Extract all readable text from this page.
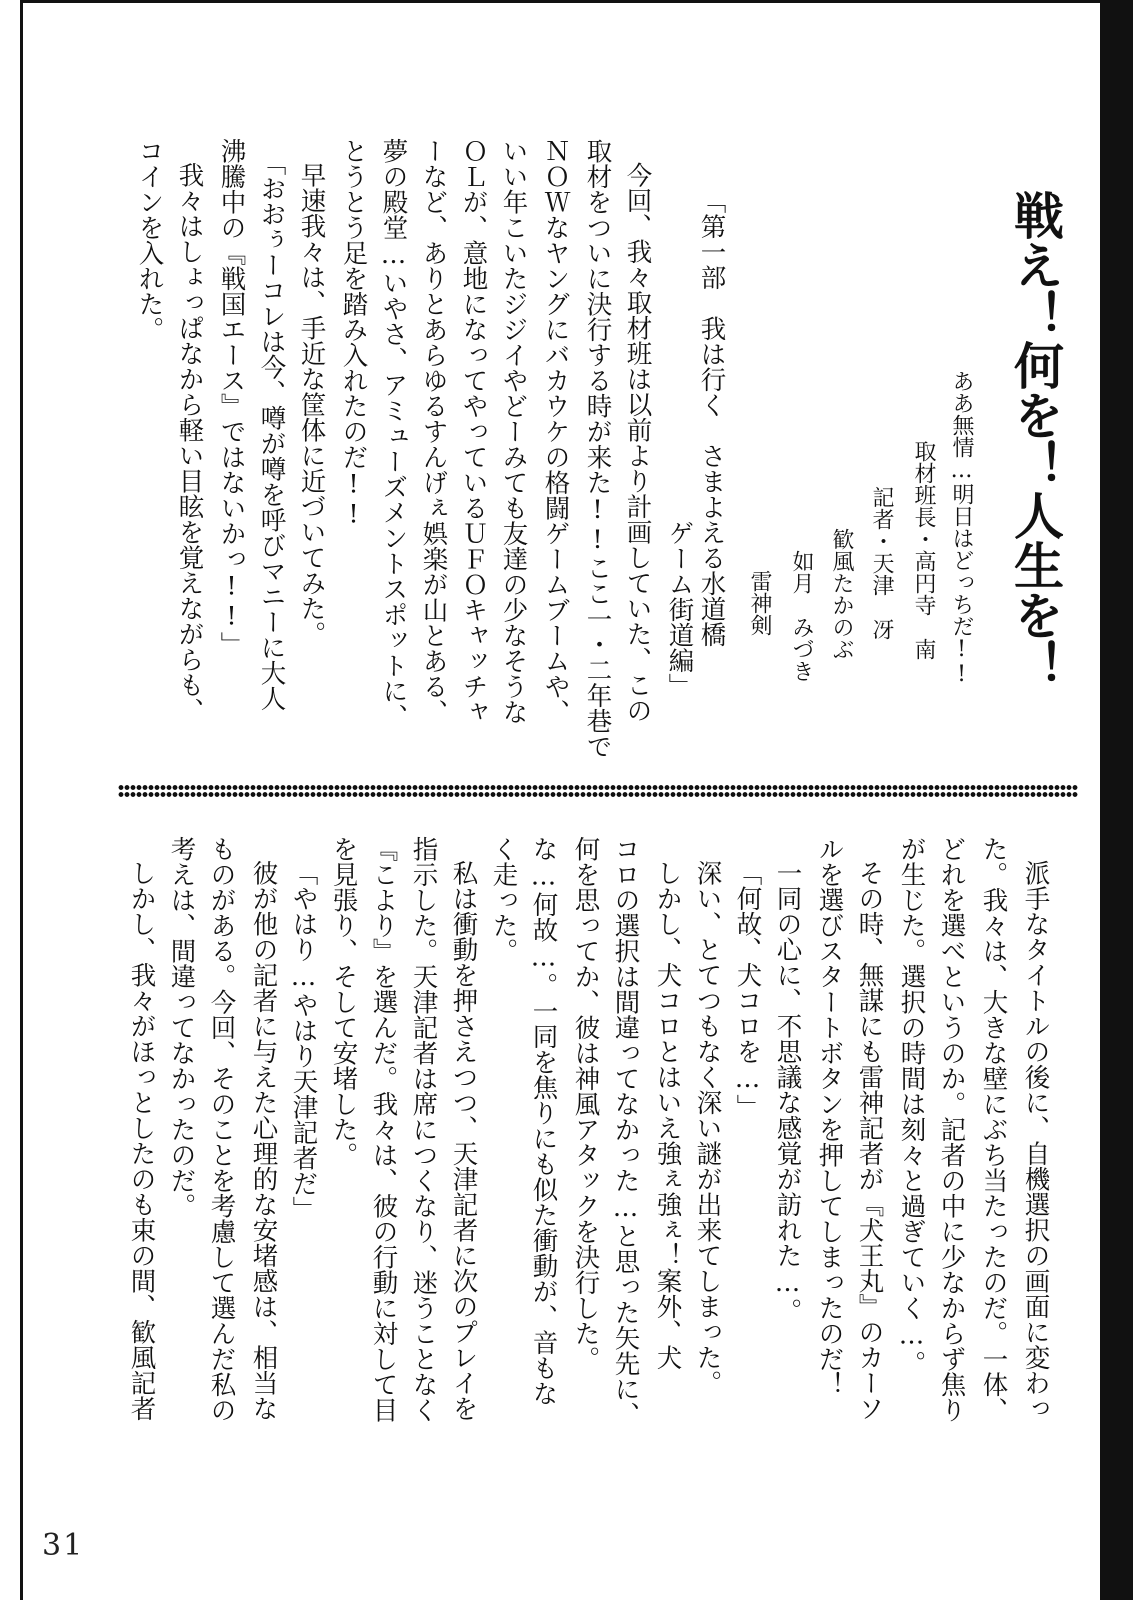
戦え！何を！人生を！
ああ無情…明日はどっちだ!!
取材班長・高円寺　南
記者・天津　冴
歓風たかのぶ
如月　みづき
雷神剣
「第一部　我は行く　さまよえる水道橋
ゲーム街道編」
今回、我々取材班は以前より計画していた、この
取材をついに決行する時が来た!!ここ一・二年巷で
ＮＯＷなヤングにバカウケの格闘ゲームブームや、
いい年こいたジジイやどーみても友達の少なそうな
ＯＬが、意地になってやっているＵＦＯキャッチャ
ーなど、ありとあらゆるすんげぇ娯楽が山とある、
夢の殿堂…いやさ、アミューズメントスポットに、
とうとう足を踏み入れたのだ!!
早速我々は、手近な筐体に近づいてみた。
「おおぅーコレは今、噂が噂を呼びマニーに大人
沸騰中の『戦国エース』ではないかっ!!」
我々はしょっぱなから軽い目眩を覚えながらも、
コインを入れた。
派手なタイトルの後に、自機選択の画面に変わっ
た。我々は、大きな壁にぶち当たったのだ。一体、
どれを選べというのか。記者の中に少なからず焦り
が生じた。選択の時間は刻々と過ぎていく…。
その時、無謀にも雷神記者が『犬王丸』のカーソ
ルを選びスタートボタンを押してしまったのだ！
一同の心に、不思議な感覚が訪れた…。
「何故、犬コロを…」
深い、とてつもなく深い謎が出来てしまった。
しかし、犬コロとはいえ強ぇ強ぇ！案外、犬
コロの選択は間違ってなかった…と思った矢先に、
何を思ってか、彼は神風アタックを決行した。
な…何故…。一同を焦りにも似た衝動が、音もな
く走った。
私は衝動を押さえつつ、天津記者に次のプレイを
指示した。天津記者は席につくなり、迷うことなく
『こより』を選んだ。我々は、彼の行動に対して目
を見張り、そして安堵した。
「やはり…やはり天津記者だ」
彼が他の記者に与えた心理的な安堵感は、相当な
ものがある。今回、そのことを考慮して選んだ私の
考えは、間違ってなかったのだ。
しかし、我々がほっとしたのも束の間、歓風記者
31
